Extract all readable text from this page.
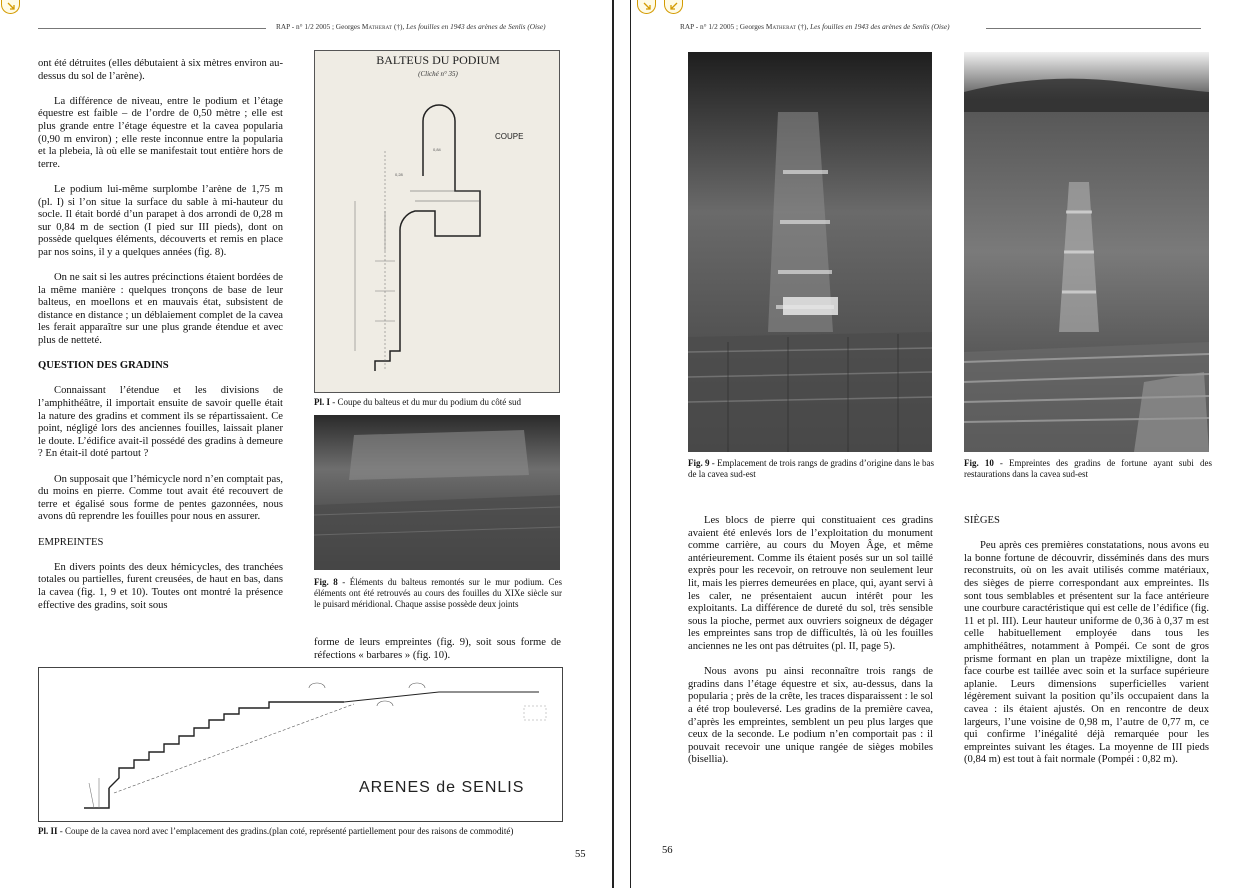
RAP - n° 1/2 2005 ; Georges Matherat (†), Les fouilles en 1943 des arènes de Senlis (Oise)

ont été détruites (elles débutaient à six mètres environ au-dessus du sol de l’arène).

La différence de niveau, entre le podium et l’étage équestre est faible – de l’ordre de 0,50 mètre ; elle est plus grande entre l’étage équestre et la cavea popularia (0,90 m environ) ; elle reste inconnue entre la popularia et la plebeia, là où elle se manifestait tout entière hors de terre.

Le podium lui-même surplombe l’arène de 1,75 m (pl. I) si l’on situe la surface du sable à mi-hauteur du socle. Il était bordé d’un parapet à dos arrondi de 0,28 m sur 0,84 m de section (I pied sur III pieds), dont on possède quelques éléments, découverts et remis en place par nos soins, il y a quelques années (fig. 8).

On ne sait si les autres précinctions étaient bordées de la même manière : quelques tronçons de base de leur balteus, en moellons et en mauvais état, subsistent de distance en distance ; un déblaiement complet de la cavea les ferait apparaître sur une plus grande étendue et avec plus de netteté.

QUESTION DES GRADINS

Connaissant l’étendue et les divisions de l’amphithéâtre, il importait ensuite de savoir quelle était la nature des gradins et comment ils se répartissaient. Ce point, négligé lors des anciennes fouilles, laissait planer le doute. L’édifice avait-il possédé des gradins à demeure ? En était-il doté partout ?

On supposait que l’hémicycle nord n’en comptait pas, du moins en pierre. Comme tout avait été recouvert de terre et égalisé sous forme de pentes gazonnées, nous avons dû reprendre les fouilles pour nous en assurer.

EMPREINTES

En divers points des deux hémicycles, des tranchées totales ou partielles, furent creusées, de haut en bas, dans la cavea (fig. 1, 9 et 10). Toutes ont montré la présence effective des gradins, soit sous

BALTEUS DU PODIUM
(Cliché n° 35)
COUPE
0,84
0,28
Pl. I - Coupe du balteus et du mur du podium du côté sud
Fig. 8 - Éléments du balteus remontés sur le mur podium. Ces éléments ont été retrouvés au cours des fouilles du XIXe siècle sur le puisard méridional. Chaque assise possède deux joints

forme de leurs empreintes (fig. 9), soit sous forme de réfections « barbares » (fig. 10).

ARENES de SENLIS
Pl. II - Coupe de la cavea nord avec l’emplacement des gradins.(plan coté, représenté partiellement pour des raisons de commodité)
55
RAP - n° 1/2 2005 ; Georges Matherat (†), Les fouilles en 1943 des arènes de Senlis (Oise)
Fig. 9 - Emplacement de trois rangs de gradins d’origine dans le bas de la cavea sud-est
Fig. 10 - Empreintes des gradins de fortune ayant subi des restaurations dans la cavea sud-est

Les blocs de pierre qui constituaient ces gradins avaient été enlevés lors de l’exploitation du monument comme carrière, au cours du Moyen Âge, et même antérieurement. Comme ils étaient posés sur un sol taillé exprès pour les recevoir, on retrouve non seulement leur lit, mais les pierres demeurées en place, qui, ayant servi à les caler, ne présentaient aucun intérêt pour les exploitants. La différence de dureté du sol, très sensible sous la pioche, permet aux ouvriers soigneux de dégager les empreintes sans trop de difficultés, là où les fouilles anciennes ne les ont pas détruites (pl. II, page 5).

Nous avons pu ainsi reconnaître trois rangs de gradins dans l’étage équestre et six, au-dessus, dans la popularia ; près de la crête, les traces disparaissent : le sol a été trop bouleversé. Les gradins de la première cavea, d’après les empreintes, semblent un peu plus larges que ceux de la seconde. Le podium n’en comportait pas : il pouvait recevoir une unique rangée de sièges mobiles (bisellia).

SIÈGES

Peu après ces premières constatations, nous avons eu la bonne fortune de découvrir, disséminés dans des murs reconstruits, où on les avait utilisés comme matériaux, des sièges de pierre correspondant aux empreintes. Ils sont tous semblables et présentent sur la face antérieure une courbure caractéristique qui est celle de l’édifice (fig. 11 et pl. III). Leur hauteur uniforme de 0,36 à 0,37 m est celle habituellement employée dans tous les amphithéâtres, notamment à Pompéi. Ce sont de gros prisme formant en plan un trapèze mixtiligne, dont la face courbe est taillée avec soin et la surface supérieure aplanie. Leurs dimensions superficielles varient légèrement suivant la position qu’ils occupaient dans la cavea : ils étaient ajustés. On en rencontre de deux largeurs, l’une voisine de 0,98 m, l’autre de 0,77 m, ce qui confirme l’inégalité déjà remarquée pour les empreintes suivant les étages. La moyenne de III pieds (0,84 m) est tout à fait normale (Pompéi : 0,82 m).

56
